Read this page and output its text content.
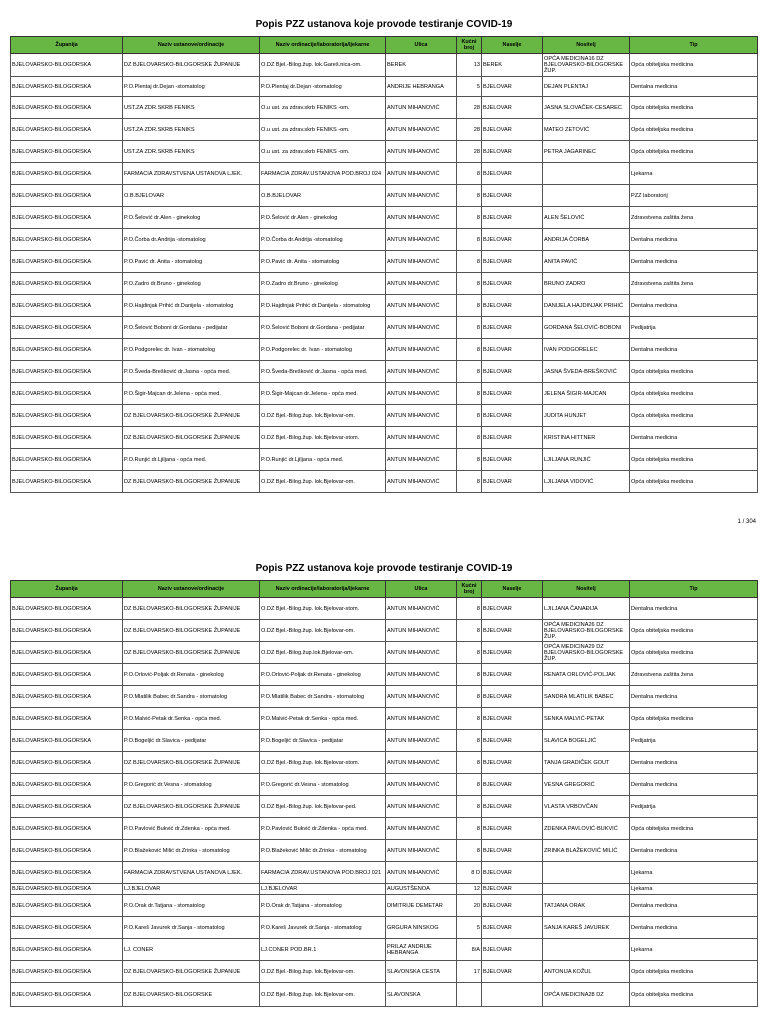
Popis PZZ ustanova koje provode testiranje COVID-19
Županija	Naziv ustanove/ordinacije	Naziv ordinacije/laboratorija/ljekarne	Ulica	Kućni broj	Naselje	Nositelj	Tip
BJELOVARSKO-BILOGORSKA	DZ BJELOVARSKO-BILOGORSKE ŽUPANIJE	O.DZ Bjel.-Bilog.žup. lok.Gareš.nica-om.	BEREK	13	BEREK	OPĆA MEDICINA16 DZ BJELOVARSKO-BILOGORSKE ŽUP.	Opća obiteljska medicina
BJELOVARSKO-BILOGORSKA	P.O.Plentaj dr.Dejan -stomatolog	P.O.Plentaj dr.Dejan -stomatolog	ANDRIJE HEBRANGA	5	BJELOVAR	DEJAN PLENTAJ	Dentalna medicina
BJELOVARSKO-BILOGORSKA	UST.ZA ZDR.SKRB FENIKS	O.u ust. za zdrav.skrb FENIKS -om.	ANTUN MIHANOVIĆ	28	BJELOVAR	JASNA SLOVAČEK-CESAREC	Opća obiteljska medicina
BJELOVARSKO-BILOGORSKA	UST.ZA ZDR.SKRB FENIKS	O.u ust. za zdrav.skrb FENIKS -om.	ANTUN MIHANOVIĆ	28	BJELOVAR	MATEO ZETOVIĆ	Opća obiteljska medicina
BJELOVARSKO-BILOGORSKA	UST.ZA ZDR.SKRB FENIKS	O.u ust. za zdrav.skrb FENIKS -om.	ANTUN MIHANOVIĆ	28	BJELOVAR	PETRA JAGARINEC	Opća obiteljska medicina
BJELOVARSKO-BILOGORSKA	FARMACIA ZDRAVSTVENA USTANOVA LJEK.	FARMACIA ZDRAV.USTANOVA POD.BROJ 024	ANTUN MIHANOVIĆ	8	BJELOVAR		Ljekarna
BJELOVARSKO-BILOGORSKA	O.B.BJELOVAR	O.B.BJELOVAR	ANTUN MIHANOVIĆ	8	BJELOVAR		PZZ laboratorij
BJELOVARSKO-BILOGORSKA	P.O.Šelović dr.Alen - ginekolog	P.O.Šelović dr.Alen - ginekolog	ANTUN MIHANOVIĆ	8	BJELOVAR	ALEN ŠELOVIĆ	Zdravstvena zaštita žena
BJELOVARSKO-BILOGORSKA	P.O.Čorba dr.Andrija -stomatolog	P.O.Čorba dr.Andrija -stomatolog	ANTUN MIHANOVIĆ	8	BJELOVAR	ANDRIJA ČORBA	Dentalna medicina
BJELOVARSKO-BILOGORSKA	P.O.Pavić dr. Anita - stomatolog	P.O.Pavić dr. Anita - stomatolog	ANTUN MIHANOVIĆ	8	BJELOVAR	ANITA PAVIĆ	Dentalna medicina
BJELOVARSKO-BILOGORSKA	P.O.Zadro dr.Bruno - ginekolog	P.O.Zadro dr.Bruno - ginekolog	ANTUN MIHANOVIĆ	8	BJELOVAR	BRUNO ZADRO	Zdravstvena zaštita žena
BJELOVARSKO-BILOGORSKA	P.O.Hajdinjak Prihić dr.Danijela - stomatolog	P.O.Hajdinjak Prihić dr.Danijela - stomatolog	ANTUN MIHANOVIĆ	8	BJELOVAR	DANIJELA HAJDINJAK PRIHIĆ	Dentalna medicina
BJELOVARSKO-BILOGORSKA	P.O.Šelović Boboni dr.Gordana - pedijatar	P.O.Šelović Boboni dr.Gordana - pedijatar	ANTUN MIHANOVIĆ	8	BJELOVAR	GORDANA ŠELOVIĆ-BOBONI	Pedijatrija
BJELOVARSKO-BILOGORSKA	P.O.Podgorelec dr. Ivan - stomatolog	P.O.Podgorelec dr. Ivan - stomatolog	ANTUN MIHANOVIĆ	8	BJELOVAR	IVAN PODGORELEC	Dentalna medicina
BJELOVARSKO-BILOGORSKA	P.O.Šveda-Brešković dr.Jasna - opća med.	P.O.Šveda-Brešković dr.Jasna - opća med.	ANTUN MIHANOVIĆ	8	BJELOVAR	JASNA ŠVEDA-BREŠKOVIĆ	Opća obiteljska medicina
BJELOVARSKO-BILOGORSKA	P.O.Šigir-Majcan dr.Jelena - opća med.	P.O.Šigir-Majcan dr.Jelena - opća med.	ANTUN MIHANOVIĆ	8	BJELOVAR	JELENA ŠIGIR-MAJCAN	Opća obiteljska medicina
BJELOVARSKO-BILOGORSKA	DZ BJELOVARSKO-BILOGORSKE ŽUPANIJE	O.DZ Bjel.-Bilog.žup. lok.Bjelovar-om.	ANTUN MIHANOVIĆ	8	BJELOVAR	JUDITA HUNJET	Opća obiteljska medicina
BJELOVARSKO-BILOGORSKA	DZ BJELOVARSKO-BILOGORSKE ŽUPANIJE	O.DZ Bjel.-Bilog.žup. lok.Bjelovar-stom.	ANTUN MIHANOVIĆ	8	BJELOVAR	KRISTINA HITTNER	Dentalna medicina
BJELOVARSKO-BILOGORSKA	P.O.Runjić dr.Ljiljana - opća med.	P.O.Runjić dr.Ljiljana - opća med.	ANTUN MIHANOVIĆ	8	BJELOVAR	LJILJANA RUNJIĆ	Opća obiteljska medicina
BJELOVARSKO-BILOGORSKA	DZ BJELOVARSKO-BILOGORSKE ŽUPANIJE	O.DZ Bjel.-Bilog.žup. lok.Bjelovar-om.	ANTUN MIHANOVIĆ	8	BJELOVAR	LJILJANA VIDOVIĆ	Opća obiteljska medicina
1 / 304
Popis PZZ ustanova koje provode testiranje COVID-19
Županija	Naziv ustanove/ordinacije	Naziv ordinacije/laboratorija/ljekarne	Ulica	Kućni broj	Naselje	Nositelj	Tip
BJELOVARSKO-BILOGORSKA	DZ BJELOVARSKO-BILOGORSKE ŽUPANIJE	O.DZ Bjel.-Bilog.žup. lok.Bjelovar-stom.	ANTUN MIHANOVIĆ	8	BJELOVAR	LJILJANA ČANAĐIJA	Dentalna medicina
BJELOVARSKO-BILOGORSKA	DZ BJELOVARSKO-BILOGORSKE ŽUPANIJE	O.DZ Bjel.-Bilog.žup. lok.Bjelovar-om.	ANTUN MIHANOVIĆ	8	BJELOVAR	OPĆA MEDICINA26 DZ BJELOVARSKO-BILOGORSKE ŽUP.	Opća obiteljska medicina
BJELOVARSKO-BILOGORSKA	DZ BJELOVARSKO-BILOGORSKE ŽUPANIJE	O.DZ Bjel.-Bilog.žup.lok.Bjelovar-om.	ANTUN MIHANOVIĆ	8	BJELOVAR	OPĆA MEDICINA29 DZ BJELOVARSKO-BILOGORSKE ŽUP.	Opća obiteljska medicina
BJELOVARSKO-BILOGORSKA	P.O.Orlović-Poljak dr.Renata - ginekolog	P.O.Orlović-Poljak dr.Renata - ginekolog	ANTUN MIHANOVIĆ	8	BJELOVAR	RENATA ORLOVIĆ-POLJAK	Zdravstvena zaštita žena
BJELOVARSKO-BILOGORSKA	P.O.Mlatilik Babec dr.Sandra - stomatolog	P.O.Mlatilik Babec dr.Sandra - stomatolog	ANTUN MIHANOVIĆ	8	BJELOVAR	SANDRA MLATILIK BABEC	Dentalna medicina
BJELOVARSKO-BILOGORSKA	P.O.Malvić-Petak dr.Senka - opća med.	P.O.Malvić-Petak dr.Senka - opća med.	ANTUN MIHANOVIĆ	8	BJELOVAR	SENKA MALVIĆ-PETAK	Opća obiteljska medicina
BJELOVARSKO-BILOGORSKA	P.O.Bogeljić dr.Slavica - pedijatar	P.O.Bogeljić dr.Slavica - pedijatar	ANTUN MIHANOVIĆ	8	BJELOVAR	SLAVICA BOGELJIĆ	Pedijatrija
BJELOVARSKO-BILOGORSKA	DZ BJELOVARSKO-BILOGORSKE ŽUPANIJE	O.DZ Bjel.-Bilog.žup. lok.Bjelovar-stom.	ANTUN MIHANOVIĆ	8	BJELOVAR	TANJA GRADIČEK GOUT	Dentalna medicina
BJELOVARSKO-BILOGORSKA	P.O.Gregorić dr.Vesna - stomatolog	P.O.Gregorić dr.Vesna - stomatolog	ANTUN MIHANOVIĆ	8	BJELOVAR	VESNA GREGORIĆ	Dentalna medicina
BJELOVARSKO-BILOGORSKA	DZ BJELOVARSKO-BILOGORSKE ŽUPANIJE	O.DZ Bjel.-Bilog.žup. lok.Bjelovar-ped.	ANTUN MIHANOVIĆ	8	BJELOVAR	VLASTA VRBOVČAN	Pedijatrija
BJELOVARSKO-BILOGORSKA	P.O.Pavlović Bukvić dr.Zdenka - opća med.	P.O.Pavlović Bukvić dr.Zdenka - opća med.	ANTUN MIHANOVIĆ	8	BJELOVAR	ZDENKA PAVLOVIĆ-BUKVIĆ	Opća obiteljska medicina
BJELOVARSKO-BILOGORSKA	P.O.Blažeković Milić dr.Zrinka - stomatolog	P.O.Blažeković Milić dr.Zrinka - stomatolog	ANTUN MIHANOVIĆ	8	BJELOVAR	ZRINKA BLAŽEKOVIĆ MILIĆ	Dentalna medicina
BJELOVARSKO-BILOGORSKA	FARMACIA ZDRAVSTVENA USTANOVA LJEK.	FARMACIA ZDRAV.USTANOVA POD.BROJ 021	ANTUN MIHANOVIĆ	8 D	BJELOVAR		Ljekarna
BJELOVARSKO-BILOGORSKA	LJ.BJELOVAR	LJ.BJELOVAR	AUGUSTŠENOA	12	BJELOVAR		Ljekarna
BJELOVARSKO-BILOGORSKA	P.O.Orak dr.Tatjana - stomatolog	P.O.Orak dr.Tatjana - stomatolog	DIMITRIJE DEMETAR	20	BJELOVAR	TATJANA ORAK	Dentalna medicina
BJELOVARSKO-BILOGORSKA	P.O.Kareš Javurek dr.Sanja - stomatolog	P.O.Kareš Javurek dr.Sanja - stomatolog	GRGURA NINSKOG	5	BJELOVAR	SANJA KAREŠ JAVUREK	Dentalna medicina
BJELOVARSKO-BILOGORSKA	LJ. CONER	LJ.CONER POD.BR.1	PRILAZ ANDRIJE HEBRANGA	8/A	BJELOVAR		Ljekarna
BJELOVARSKO-BILOGORSKA	DZ BJELOVARSKO-BILOGORSKE ŽUPANIJE	O.DZ Bjel.-Bilog.žup. lok.Bjelovar-om.	SLAVONSKA CESTA	17	BJELOVAR	ANTONIJA KOŽUL	Opća obiteljska medicina
BJELOVARSKO-BILOGORSKA	DZ BJELOVARSKO-BILOGORSKE	O.DZ Bjel.-Bilog.žup. lok.Bjelovar-om.	SLAVONSKA			OPĆA MEDICINA28 DZ	Opća obiteljska medicina
